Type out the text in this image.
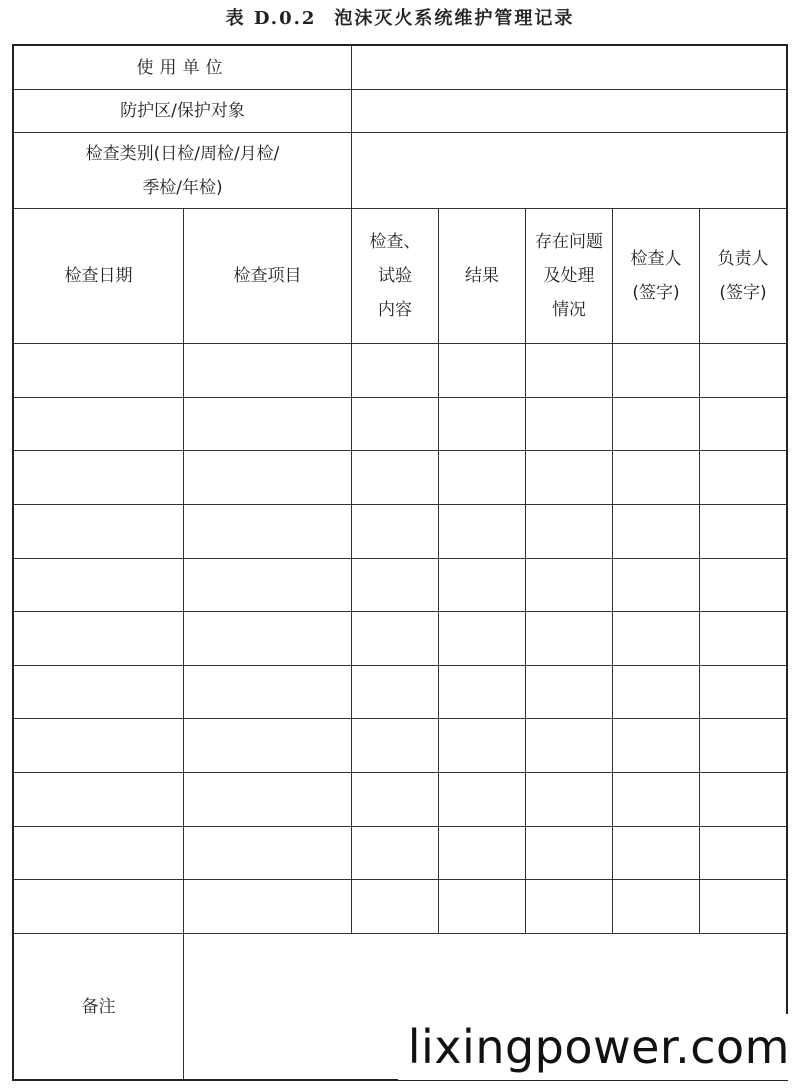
表 D.0.2 泡沫灭火系统维护管理记录
使用单位
防护区/保护对象
检查类别(日检/周检/月检/
季检/年检)
检查日期	检查项目
检查、
试验
内容
结果
存在问题
及处理
情况
检查人
(签字)
负责人
(签字)
备注
lixingpower.com
